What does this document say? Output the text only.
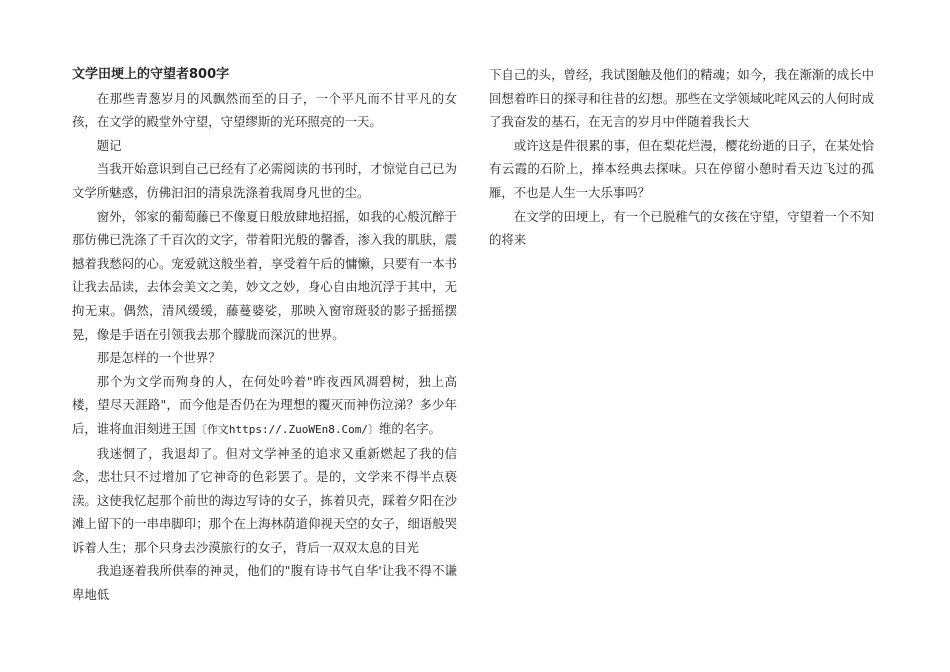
文学田埂上的守望者800字

在那些青葱岁月的风飘然而至的日子，一个平凡而不甘平凡的女孩，在文学的殿堂外守望，守望缪斯的光环照亮的一天。

题记

当我开始意识到自己已经有了必需阅读的书刊时，才惊觉自己已为文学所魅惑，仿佛汩汩的清泉洗涤着我周身凡世的尘。

窗外，邻家的葡萄藤已不像夏日般放肆地招摇，如我的心般沉醉于那仿佛已洗涤了千百次的文字，带着阳光般的馨香，渗入我的肌肤，震撼着我愁闷的心。宠爱就这般坐着，享受着午后的慵懒，只要有一本书让我去品读，去体会美文之美，妙文之妙，身心自由地沉浮于其中，无拘无束。偶然，清风缓缓，藤蔓婆娑，那映入窗帘斑驳的影子摇摇摆晃，像是手语在引领我去那个朦胧而深沉的世界。

那是怎样的一个世界？

那个为文学而殉身的人，在何处吟着"昨夜西风凋碧树，独上高楼，望尽天涯路"，而今他是否仍在为理想的覆灭而神伤泣涕？多少年后，谁将血泪刻进王国〔作文https://.ZuoWEn8.Com/〕维的名字。

我迷惘了，我退却了。但对文学神圣的追求又重新燃起了我的信念，悲壮只不过增加了它神奇的色彩罢了。是的，文学来不得半点亵渎。这使我忆起那个前世的海边写诗的女子，拣着贝壳，踩着夕阳在沙滩上留下的一串串脚印；那个在上海林荫道仰视天空的女子，细语般哭诉着人生；那个只身去沙漠旅行的女子，背后一双双太息的目光

我追逐着我所供奉的神灵，他们的"腹有诗书气自华'让我不得不谦卑地低

下自己的头，曾经，我试图触及他们的精魂；如今，我在渐渐的成长中回想着昨日的探寻和往昔的幻想。那些在文学领域叱咤风云的人何时成了我奋发的基石，在无言的岁月中伴随着我长大

或许这是件很累的事，但在梨花烂漫，樱花纷逝的日子，在某处恰有云霞的石阶上，捧本经典去探味。只在停留小憩时看天边飞过的孤雁，不也是人生一大乐事吗？

在文学的田埂上，有一个已脱稚气的女孩在守望，守望着一个不知的将来
